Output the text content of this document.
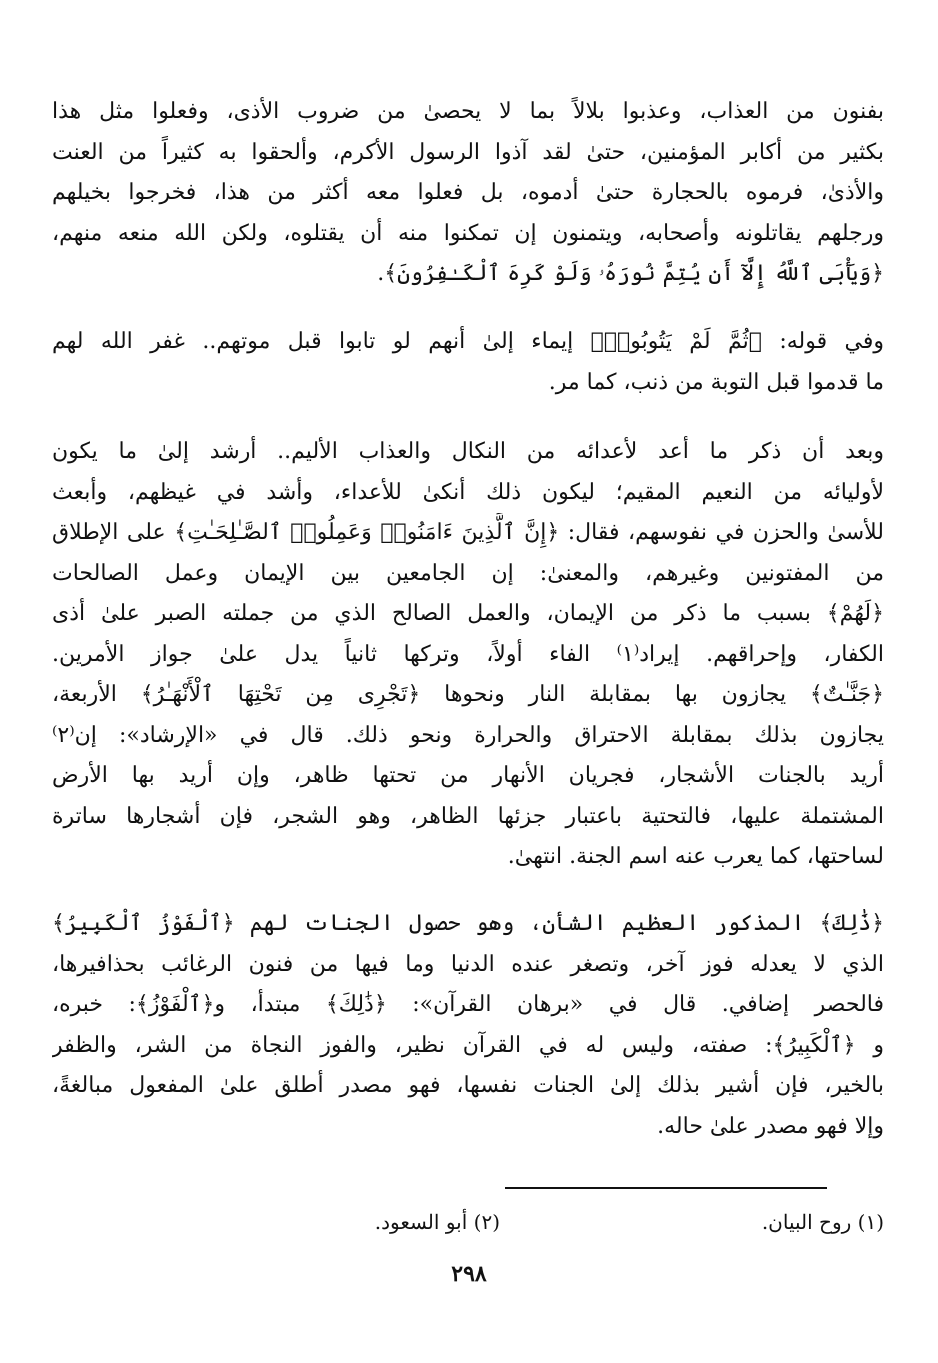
بفنون من العذاب، وعذبوا بلالاً بما لا يحصىٰ من ضروب الأذى، وفعلوا مثل هذا
بكثير من أكابر المؤمنين، حتىٰ لقد آذوا الرسول الأكرم، وألحقوا به كثيراً من العنت
والأذىٰ، فرموه بالحجارة حتىٰ أدموه، بل فعلوا معه أكثر من هذا، فخرجوا بخيلهم
ورجلهم يقاتلونه وأصحابه، ويتمنون إن تمكنوا منه أن يقتلوه، ولكن الله منعه منهم،
﴿وَيَأْبَى ٱللَّهُ إِلَّآ أَن يُتِمَّ نُورَهُۥ وَلَوْ كَرِهَ ٱلْكَـٰفِرُونَ﴾.
وفي قوله: ﴿ثُمَّ لَمْ يَتُوبُوا۟﴾ إيماء إلىٰ أنهم لو تابوا قبل موتهم.. غفر الله لهم
ما قدموا قبل التوبة من ذنب، كما مر.
وبعد أن ذكر ما أعد لأعدائه من النكال والعذاب الأليم.. أرشد إلىٰ ما يكون
لأوليائه من النعيم المقيم؛ ليكون ذلك أنكىٰ للأعداء، وأشد في غيظهم، وأبعث
للأسىٰ والحزن في نفوسهم، فقال: ﴿إِنَّ ٱلَّذِينَ ءَامَنُوا۟ وَعَمِلُوا۟ ٱلصَّـٰلِحَـٰتِ﴾ على الإطلاق
من المفتونين وغيرهم، والمعنىٰ: إن الجامعين بين الإيمان وعمل الصالحات
﴿لَهُمْ﴾ بسبب ما ذكر من الإيمان، والعمل الصالح الذي من جملته الصبر علىٰ أذى
الكفار، وإحراقهم. إيراد⁽١⁾ الفاء أولاً، وتركها ثانياً يدل علىٰ جواز الأمرين.
﴿جَنَّـٰتٌ﴾ يجازون بها بمقابلة النار ونحوها ﴿تَجْرِى مِن تَحْتِهَا ٱلْأَنْهَـٰرُ﴾ الأربعة،
يجازون بذلك بمقابلة الاحتراق والحرارة ونحو ذلك. قال في «الإرشاد»: إن⁽٢⁾
أريد بالجنات الأشجار، فجريان الأنهار من تحتها ظاهر، وإن أريد بها الأرض
المشتملة عليها، فالتحتية باعتبار جزئها الظاهر، وهو الشجر، فإن أشجارها ساترة
لساحتها، كما يعرب عنه اسم الجنة. انتهىٰ.
﴿ذَٰلِكَ﴾ المذكور العظيم الشأن، وهو حصول الجنات لهم ﴿ٱلْفَوْزُ ٱلْكَبِيرُ﴾
الذي لا يعدله فوز آخر، وتصغر عنده الدنيا وما فيها من فنون الرغائب بحذافيرها،
فالحصر إضافي. قال في «برهان القرآن»: ﴿ذَٰلِكَ﴾ مبتدأ، و﴿ٱلْفَوْزُ﴾: خبره،
و ﴿ٱلْكَبِيرُ﴾: صفته، وليس له في القرآن نظير، والفوز النجاة من الشر، والظفر
بالخير، فإن أشير بذلك إلىٰ الجنات نفسها، فهو مصدر أطلق علىٰ المفعول مبالغةً،
وإلا فهو مصدر علىٰ حاله.
(١) روح البيان.
(٢) أبو السعود.
٢٩٨
